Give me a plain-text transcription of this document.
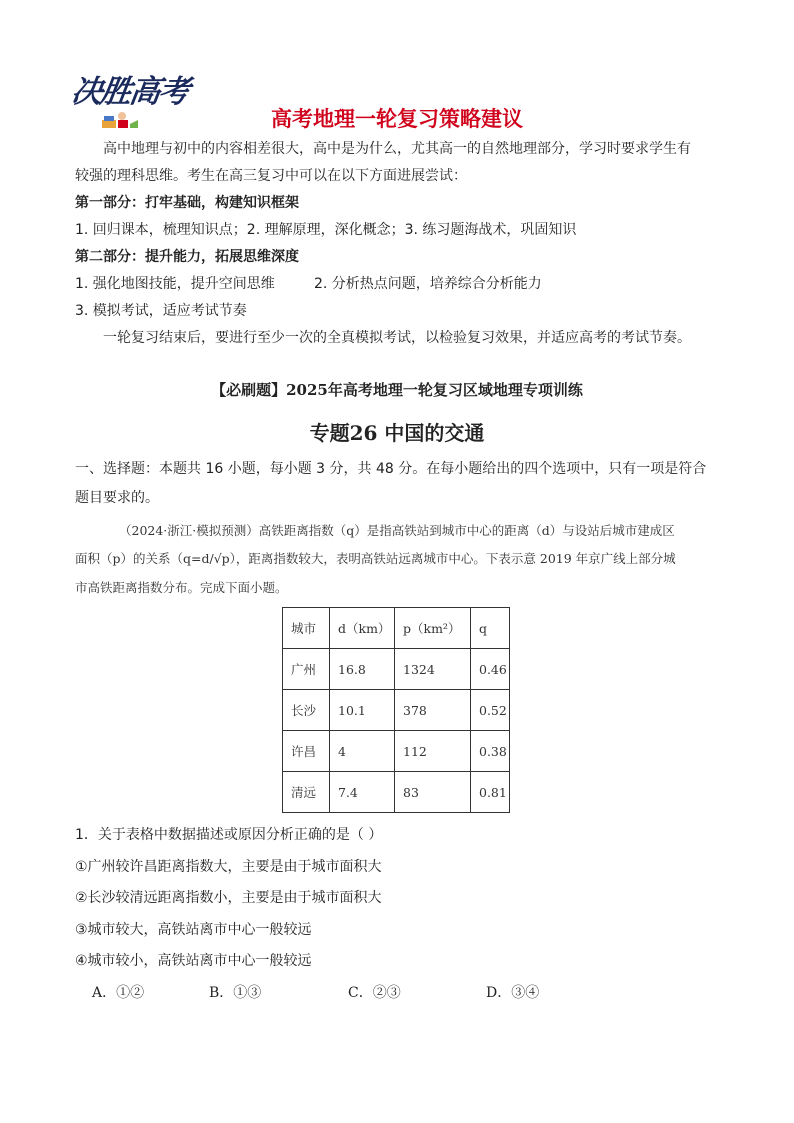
决胜高考
高考地理一轮复习策略建议
高中地理与初中的内容相差很大，高中是为什么，尤其高一的自然地理部分，学习时要求学生有
较强的理科思维。考生在高三复习中可以在以下方面进展尝试：
第一部分：打牢基础，构建知识框架
1. 回归课本，梳理知识点；2. 理解原理，深化概念；3. 练习题海战术，巩固知识
第二部分：提升能力，拓展思维深度
1. 强化地图技能，提升空间思维	2. 分析热点问题，培养综合分析能力
3. 模拟考试，适应考试节奏
一轮复习结束后，要进行至少一次的全真模拟考试，以检验复习效果，并适应高考的考试节奏。
【必刷题】2025年高考地理一轮复习区域地理专项训练
专题26 中国的交通
一、选择题：本题共 16 小题，每小题 3 分，共 48 分。在每小题给出的四个选项中，只有一项是符合
题目要求的。
（2024·浙江·模拟预测）高铁距离指数（q）是指高铁站到城市中心的距离（d）与设站后城市建成区
面积（p）的关系（q=d/√p），距离指数较大，表明高铁站远离城市中心。下表示意 2019 年京广线上部分城
市高铁距离指数分布。完成下面小题。
城市	d（km）	p（km²）	q
广州	16.8	1324	0.46
长沙	10.1	378	0.52
许昌	4	112	0.38
清远	7.4	83	0.81
1．关于表格中数据描述或原因分析正确的是（ ）
①广州较许昌距离指数大，主要是由于城市面积大
②长沙较清远距离指数小，主要是由于城市面积大
③城市较大，高铁站离市中心一般较远
④城市较小，高铁站离市中心一般较远
A．①②	B．①③	C．②③	D．③④
